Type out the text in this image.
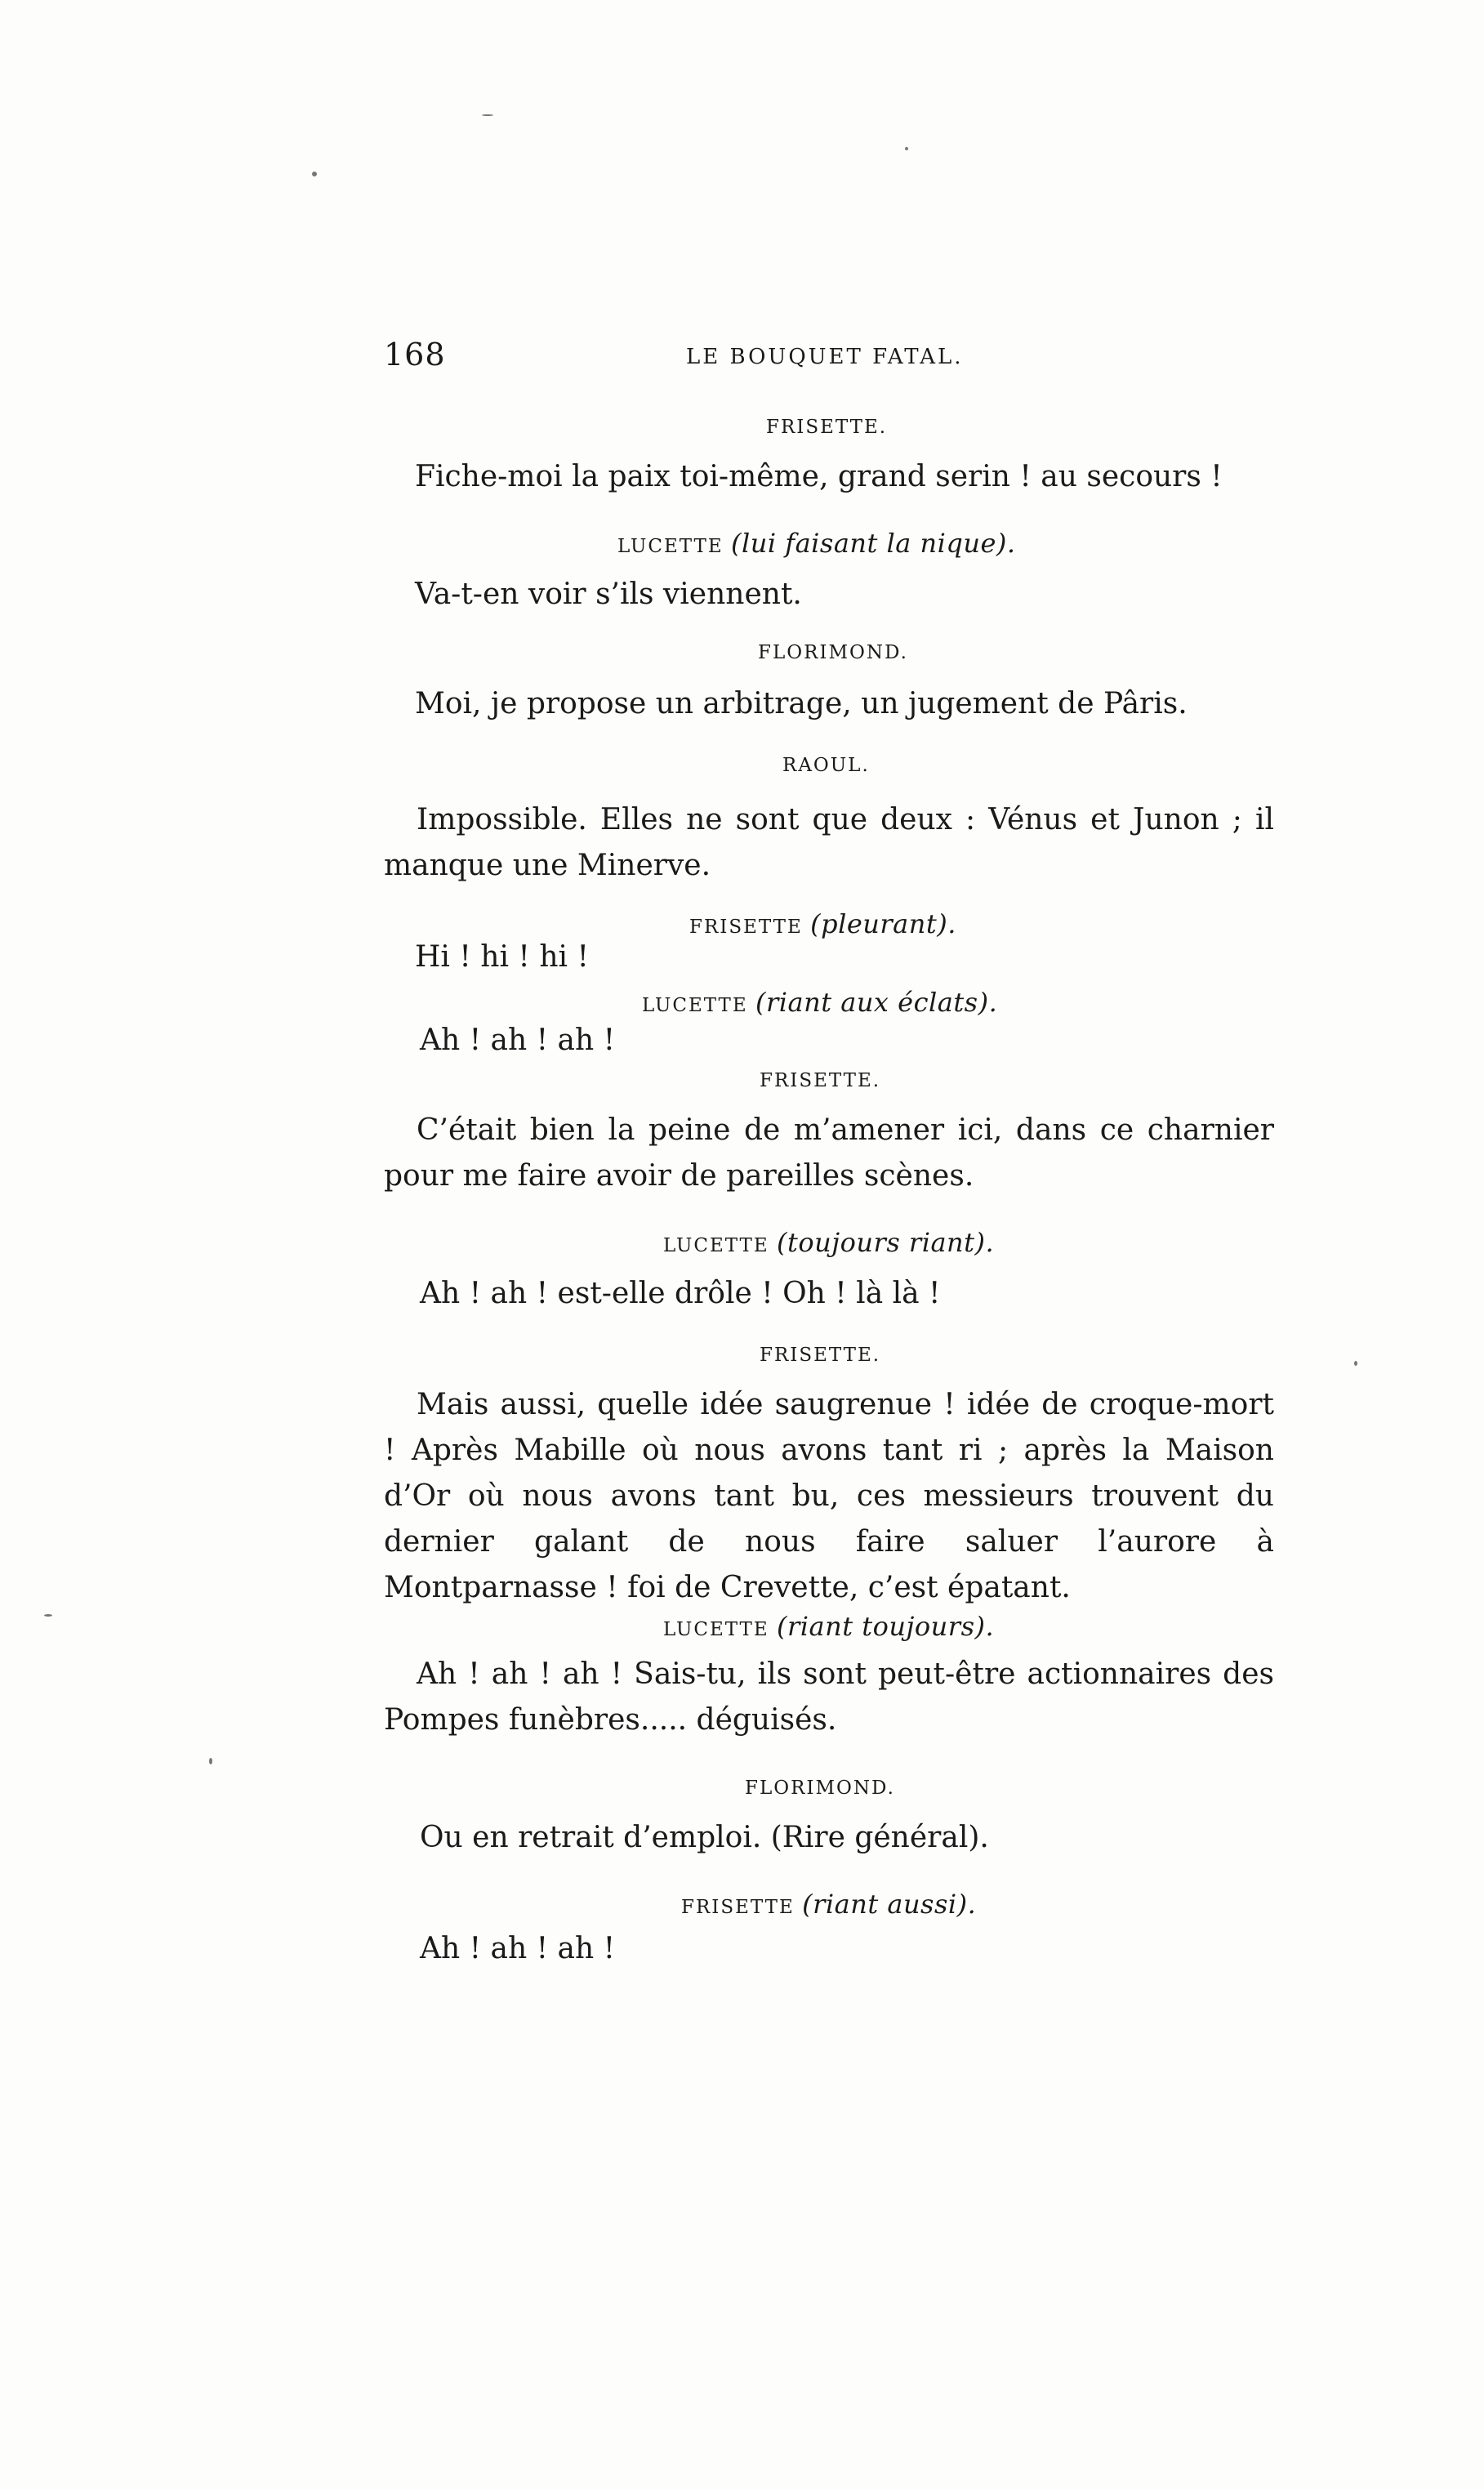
168	LE BOUQUET FATAL.
FRISETTE.
Fiche-moi la paix toi-même, grand serin ! au secours !
LUCETTE (lui faisant la nique).
Va-t-en voir s’ils viennent.
FLORIMOND.
Moi, je propose un arbitrage, un jugement de Pâris.
RAOUL.
Impossible. Elles ne sont que deux : Vénus et Junon ; il manque une Minerve.
FRISETTE (pleurant).
Hi ! hi ! hi !
LUCETTE (riant aux éclats).
Ah ! ah ! ah !
FRISETTE.
C’était bien la peine de m’amener ici, dans ce charnier pour me faire avoir de pareilles scènes.
LUCETTE (toujours riant).
Ah ! ah ! est-elle drôle ! Oh ! là là !
FRISETTE.
Mais aussi, quelle idée saugrenue ! idée de croque-mort ! Après Mabille où nous avons tant ri ; après la Maison d’Or où nous avons tant bu, ces messieurs trouvent du dernier galant de nous faire saluer l’aurore à Montparnasse ! foi de Crevette, c’est épatant.
LUCETTE (riant toujours).
Ah ! ah ! ah ! Sais-tu, ils sont peut-être actionnaires des Pompes funèbres..... déguisés.
FLORIMOND.
Ou en retrait d’emploi. (Rire général).
FRISETTE (riant aussi).
Ah ! ah ! ah !
